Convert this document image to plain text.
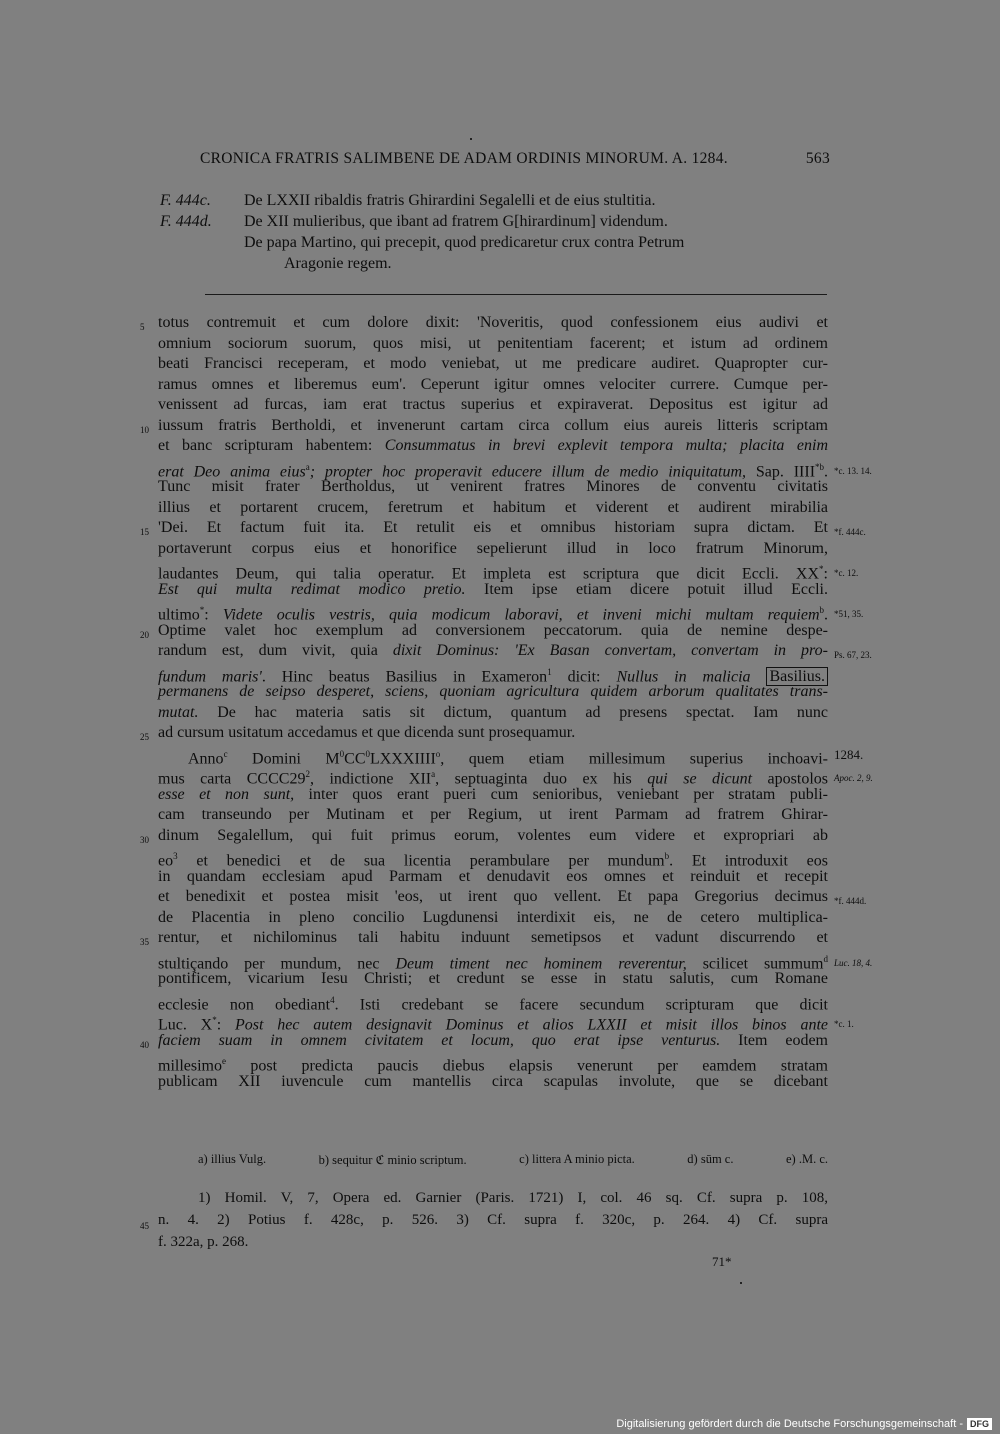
CRONICA FRATRIS SALIMBENE DE ADAM ORDINIS MINORUM. A. 1284.	563
F. 444c.	De LXXII ribaldis fratris Ghirardini Segalelli et de eius stultitia.
F. 444d.	De XII mulieribus, que ibant ad fratrem G[hirardinum] videndum.
De papa Martino, qui precepit, quod predicaretur crux contra Petrum
Aragonie regem.
5 totus contremuit et cum dolore dixit: 'Noveritis, quod confessionem eius audivi et
omnium sociorum suorum, quos misi, ut penitentiam facerent; et istum ad ordinem
beati Francisci receperam, et modo veniebat, ut me predicare audiret. Quapropter cur-
ramus omnes et liberemus eum'. Ceperunt igitur omnes velociter currere. Cumque per-
venissent ad furcas, iam erat tractus superius et expiraverat. Depositus est igitur ad
10 iussum fratris Bertholdi, et invenerunt cartam circa collum eius aureis litteris scriptam
et banc scripturam habentem: Consummatus in brevi explevit tempora multa; placita enim
erat Deo anima eius$^a$; propter hoc properavit educere illum de medio iniquitatum, Sap. IIII$^{*b}$. *c. 13. 14.
Tunc misit frater Bertholdus, ut venirent fratres Minores de conventu civitatis
illius et portarent crucem, feretrum et habitum et viderent et audirent mirabilia
15 'Dei. Et factum fuit ita. Et retulit eis et omnibus historiam supra dictam. Et *f. 444c.
portaverunt corpus eius et honorifice sepelierunt illud in loco fratrum Minorum,
laudantes Deum, qui talia operatur. Et impleta est scriptura que dicit Eccli. XX*: *c. 12.
Est qui multa redimat modico pretio. Item ipse etiam dicere potuit illud Eccli.
ultimo*: Videte oculis vestris, quia modicum laboravi, et inveni michi multam requiem$^b$. *51, 35.
20 Optime valet hoc exemplum ad conversionem peccatorum. quia de nemine despe-
randum est, dum vivit, quia dixit Dominus: 'Ex Basan convertam, convertam in pro- Ps. 67, 23.
fundum maris'. Hinc beatus Basilius in Exameron$^1$ dicit: Nullus in malicia Basilius.
permanens de seipso desperet, sciens, quoniam agricultura quidem arborum qualitates trans-
mutat. De hac materia satis sit dictum, quantum ad presens spectat. Iam nunc
25 ad cursum usitatum accedamus et que dicenda sunt prosequamur.
Anno$^c$ Domini $M^0CC^0LXXXIIII^o$, quem etiam millesimum superius inchoavi- 1284.
mus carta $CCCC29^2$, indictione XII$^a$, septuaginta duo ex his qui se dicunt apostolos Apoc. 2, 9.
esse et non sunt, inter quos erant pueri cum senioribus, veniebant per stratam publi-
cam transeundo per Mutinam et per Regium, ut irent Parmam ad fratrem Ghirar-
30 dinum Segalellum, qui fuit primus eorum, volentes eum videre et expropriari ab
$eo^3$ et benedici et de sua licentia perambulare per mundum$^b$. Et introduxit eos
in quandam ecclesiam apud Parmam et denudavit eos omnes et reinduit et recepit
et benedixit et postea misit 'eos, ut irent quo vellent. Et papa Gregorius decimus *f. 444d.
de Placentia in pleno concilio Lugdunensi interdixit eis, ne de cetero multiplica-
35 rentur, et nichilominus tali habitu induunt semetipsos et vadunt discurrendo et
stultiçando per mundum, nec Deum timent nec hominem reverentur, scilicet summum$^d$ Luc. 18, 4.
pontificem, vicarium Iesu Christi; et credunt se esse in statu salutis, cum Romane
ecclesie non obediant$^4$. Isti credebant se facere secundum scripturam que dicit
Luc. X*: Post hec autem designavit Dominus et alios LXXII et misit illos binos ante *c. 1.
40 faciem suam in omnem civitatem et locum, quo erat ipse venturus. Item eodem
millesimo$^e$ post predicta paucis diebus elapsis venerunt per eamdem stratam
publicam XII iuvencule cum mantellis circa scapulas involute, que se dicebant
a) illius Vulg.	b) sequitur ℭ minio scriptum.	c) littera A minio picta.	d) sūm c.	e) .M. c.
1) Homil. V, 7, Opera ed. Garnier (Paris. 1721) I, col. 46 sq. Cf. supra p. 108,
45 n. 4. 2) Potius f. 428c, p. 526. 3) Cf. supra f. 320c, p. 264. 4) Cf. supra
f. 322a, p. 268.
71*
Digitalisierung gefördert durch die Deutsche Forschungsgemeinschaft - DFG
